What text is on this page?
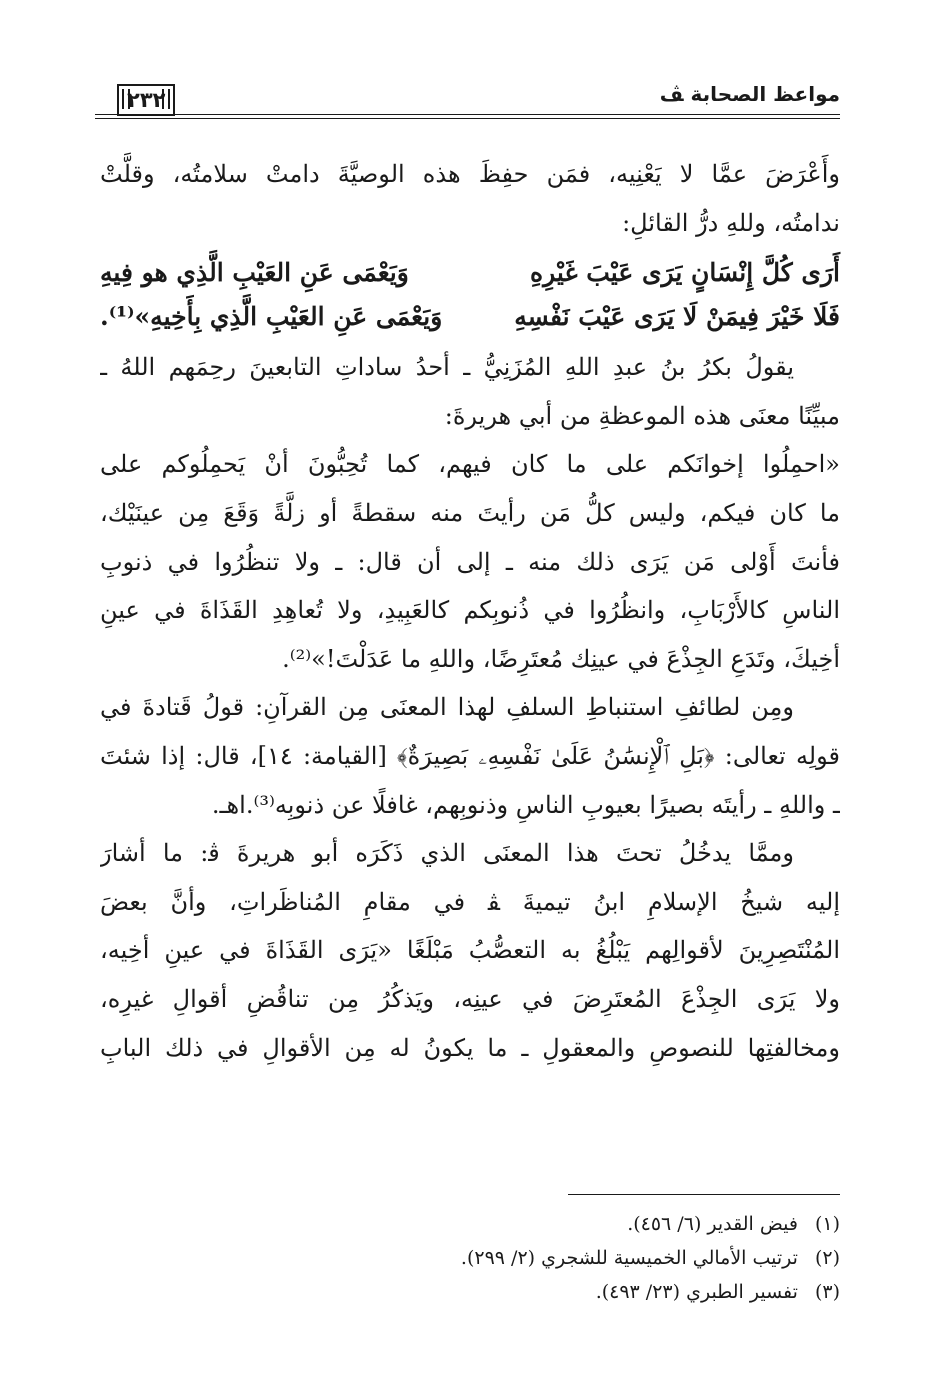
مواعظ الصحابة ﭫ
٢٣٢
وأَعْرَضَ عمَّا لا يَعْنِيه، فمَن حفِظَ هذه الوصيَّةَ دامتْ سلامتُه، وقلَّتْ
ندامتُه، وللهِ درُّ القائلِ:
أَرَى كُلَّ إِنْسَانٍ يَرَى عَيْبَ غَيْرِهِ
وَيَعْمَى عَنِ العَيْبِ الَّذِي هو فِيهِ
فَلَا خَيْرَ فِيمَنْ لَا يَرَى عَيْبَ نَفْسِهِ
وَيَعْمَى عَنِ العَيْبِ الَّذِي بِأَخِيهِ»⁽¹⁾.
يقولُ بكرُ بنُ عبدِ اللهِ المُزَنِيُّ ـ أحدُ ساداتِ التابعينَ رحِمَهم اللهُ ـ
مبيِّنًا معنَى هذه الموعظةِ من أبي هريرةَ:
«احمِلُوا إخوانَكم على ما كان فيهم، كما تُحِبُّونَ أنْ يَحمِلُوكم على
ما كان فيكم، وليس كلُّ مَن رأيتَ منه سقطةً أو زلَّةً وَقَعَ مِن عينَيْك،
فأنتَ أَوْلى مَن يَرَى ذلك منه ـ إلى أن قال: ـ ولا تنظُرُوا في ذنوبِ
الناسِ كالأَرْبَابِ، وانظُرُوا في ذُنوبِكم كالعَبِيدِ، ولا تُعاهِدِ القَذَاةَ في عينِ
أخِيكَ، وتَدَعِ الجِذْعَ في عينِك مُعتَرِضًا، واللهِ ما عَدَلْتَ!»⁽²⁾.
ومِن لطائفِ استنباطِ السلفِ لهذا المعنَى مِن القرآنِ: قولُ قَتادةَ في
قولِه تعالى: ﴿بَلِ ٱلْإِنسَٰنُ عَلَىٰ نَفْسِهِۦ بَصِيرَةٌ﴾ [القيامة: ١٤]، قال: إذا شئتَ
ـ واللهِ ـ رأيتَه بصيرًا بعيوبِ الناسِ وذنوبِهم، غافلًا عن ذنوبِه⁽³⁾.اهـ.
وممَّا يدخُلُ تحتَ هذا المعنَى الذي ذَكَرَه أبو هريرةَ ﭬ: ما أشارَ
إليه شيخُ الإسلامِ ابنُ تيميةَ ﭭ في مقامِ المُناظَراتِ، وأنَّ بعضَ
المُنْتَصِرِينَ لأقوالِهم يَبْلُغُ به التعصُّبُ مَبْلَغًا «يَرَى القَذَاةَ في عينِ أخِيه،
ولا يَرَى الجِذْعَ المُعتَرِضَ في عينِه، ويَذكُرُ مِن تناقُضِ أقوالِ غيرِه،
ومخالفتِها للنصوصِ والمعقولِ ـ ما يكونُ له مِن الأقوالِ في ذلك البابِ
(١) فيض القدير (٦/ ٤٥٦).
(٢) ترتيب الأمالي الخميسية للشجري (٢/ ٢٩٩).
(٣) تفسير الطبري (٢٣/ ٤٩٣).
